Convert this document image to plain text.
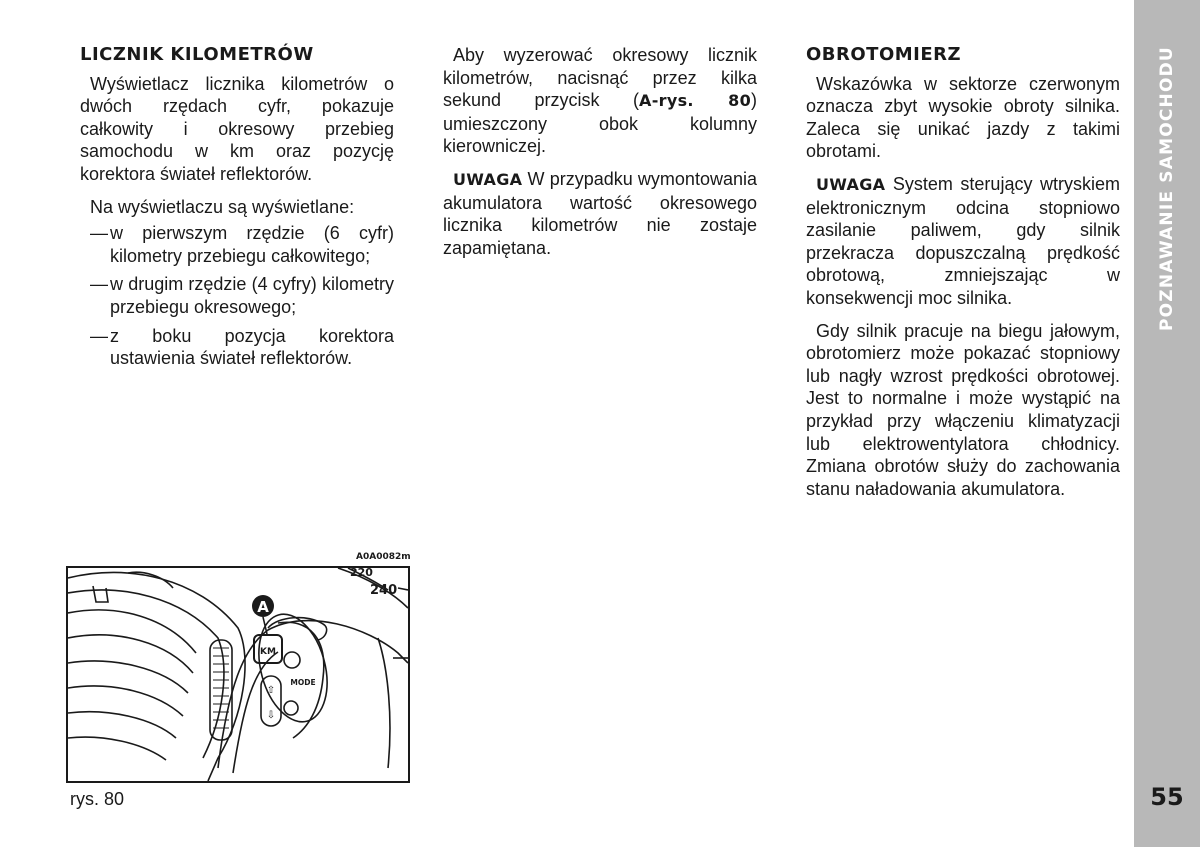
LICZNIK KILOMETRÓW

Wyświetlacz licznika kilometrów o dwóch rzędach cyfr, pokazuje całkowity i okresowy przebieg samochodu w km oraz pozycję korektora świateł reflektorów.

Na wyświetlaczu są wyświetlane:

— w pierwszym rzędzie (6 cyfr) kilometry przebiegu całkowitego;
— w drugim rzędzie (4 cyfry) kilometry przebiegu okresowego;
— z boku pozycja korektora ustawienia świateł reflektorów.

Aby wyzerować okresowy licznik kilometrów, nacisnąć przez kilka sekund przycisk (A-rys. 80) umieszczony obok kolumny kierowniczej.

UWAGA W przypadku wymontowania akumulatora wartość okresowego licznika kilometrów nie zostaje zapamiętana.

OBROTOMIERZ

Wskazówka w sektorze czerwonym oznacza zbyt wysokie obroty silnika. Zaleca się unikać jazdy z takimi obrotami.

UWAGA System sterujący wtryskiem elektronicznym odcina stopniowo zasilanie paliwem, gdy silnik przekracza dopuszczalną prędkość obrotową, zmniejszając w konsekwencji moc silnika.

Gdy silnik pracuje na biegu jałowym, obrotomierz może pokazać stopniowy lub nagły wzrost prędkości obrotowej. Jest to normalne i może wystąpić na przykład przy włączeniu klimatyzacji lub elektrowentylatora chłodnicy. Zmiana obrotów służy do zachowania stanu naładowania akumulatora.

A0A0082m
A
KM
MODE
⇧
⇩
220
240
rys. 80
POZNAWANIE SAMOCHODU
55
